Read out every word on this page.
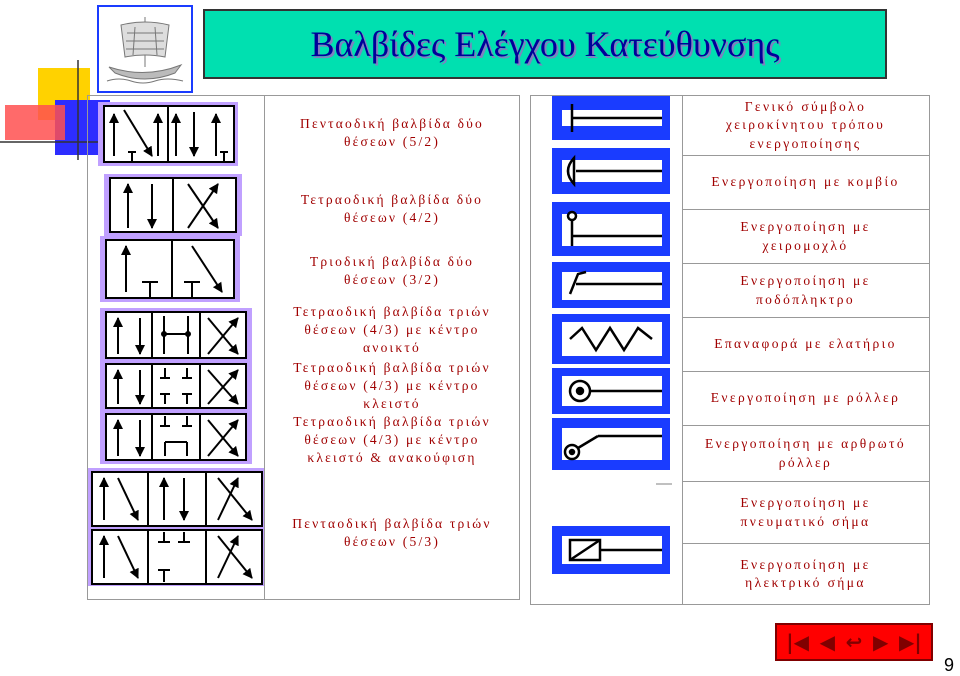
Βαλβίδες Ελέγχου Κατεύθυνσης
Πενταοδική βαλβίδα δύο
θέσεων (5/2)
Τετραοδική βαλβίδα δύο
θέσεων (4/2)
Τριοδική βαλβίδα δύο
θέσεων (3/2)
Τετραοδική βαλβίδα τριών
θέσεων (4/3) με κέντρο
ανοικτό
Τετραοδική βαλβίδα τριών
θέσεων (4/3) με κέντρο
κλειστό
Τετραοδική βαλβίδα τριών
θέσεων (4/3) με κέντρο
κλειστό & ανακούφιση
Πενταοδική βαλβίδα τριών
θέσεων (5/3)
Γενικό σύμβολο
χειροκίνητου τρόπου
ενεργοποίησης
Ενεργοποίηση με κομβίο
Ενεργοποίηση με
χειρομοχλό
Ενεργοποίηση με
ποδόπληκτρο
Επαναφορά με ελατήριο
Ενεργοποίηση με ρόλλερ
Ενεργοποίηση με αρθρωτό
ρόλλερ
Ενεργοποίηση με
πνευματικό σήμα
Ενεργοποίηση με
ηλεκτρικό σήμα
|◀ ◀ ↩ ▶ ▶|
9
